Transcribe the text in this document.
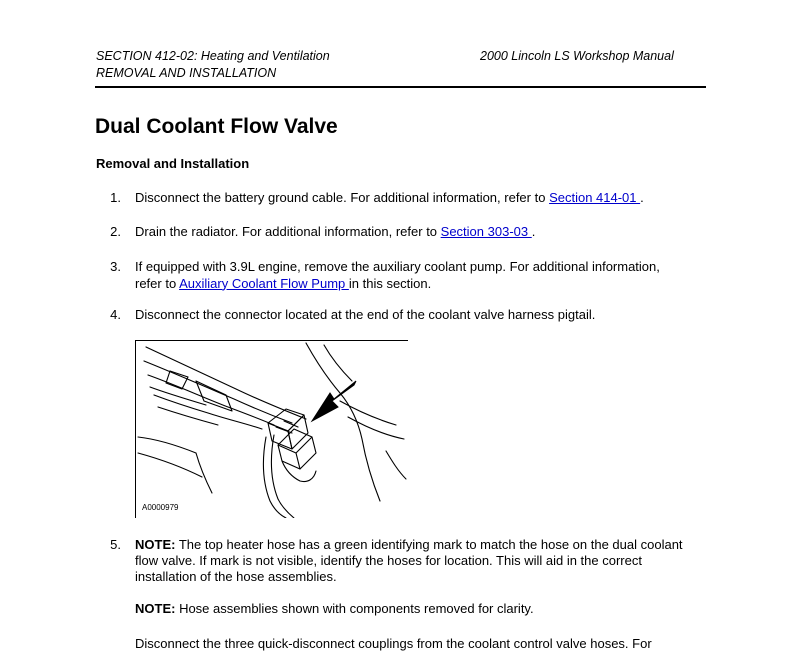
SECTION 412-02: Heating and Ventilation	2000 Lincoln LS Workshop Manual
REMOVAL AND INSTALLATION
Dual Coolant Flow Valve
Removal and Installation
1. Disconnect the battery ground cable. For additional information, refer to Section 414-01 .
2. Drain the radiator. For additional information, refer to Section 303-03 .
3. If equipped with 3.9L engine, remove the auxiliary coolant pump. For additional information,
refer to Auxiliary Coolant Flow Pump in this section.
4. Disconnect the connector located at the end of the coolant valve harness pigtail.
A0000979
5. NOTE: The top heater hose has a green identifying mark to match the hose on the dual coolant
flow valve. If mark is not visible, identify the hoses for location. This will aid in the correct
installation of the hose assemblies.
NOTE: Hose assemblies shown with components removed for clarity.
Disconnect the three quick-disconnect couplings from the coolant control valve hoses. For
